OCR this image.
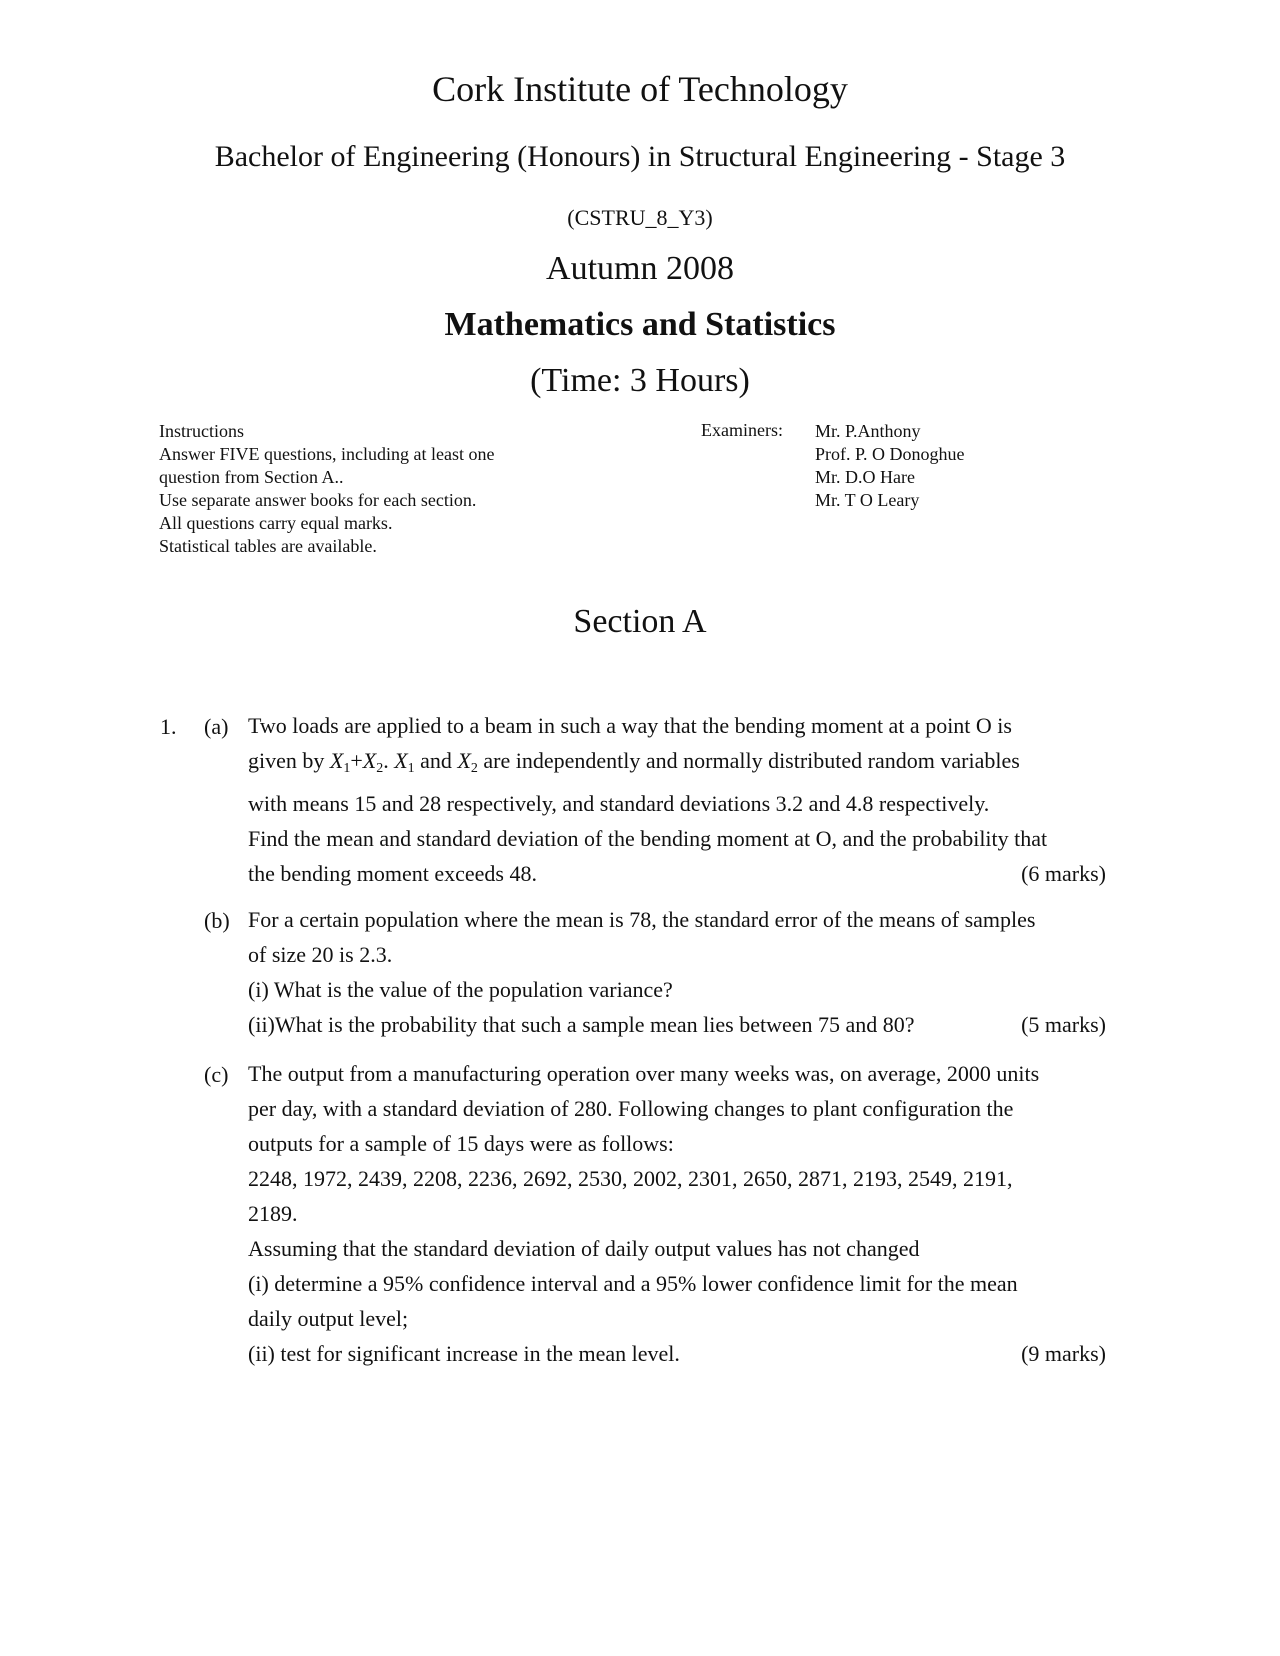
Cork Institute of Technology
Bachelor of Engineering (Honours) in Structural Engineering - Stage 3
(CSTRU_8_Y3)
Autumn 2008
Mathematics and Statistics
(Time: 3 Hours)
Instructions
Answer FIVE questions, including at least one
question from Section A..
Use separate answer books for each section.
All questions carry equal marks.
Statistical tables are available.
Examiners: Mr. P.Anthony
Prof. P. O Donoghue
Mr. D.O Hare
Mr. T O Leary
Section A
1. (a) Two loads are applied to a beam in such a way that the bending moment at a point O is
given by $X_1+X_2$. $X_1$ and $X_2$ are independently and normally distributed random variables
with means 15 and 28 respectively, and standard deviations 3.2 and 4.8 respectively.
Find the mean and standard deviation of the bending moment at O, and the probability that
the bending moment exceeds 48.	(6 marks)
(b) For a certain population where the mean is 78, the standard error of the means of samples
of size 20 is 2.3.
(i) What is the value of the population variance?
(ii)What is the probability that such a sample mean lies between 75 and 80?	(5 marks)
(c) The output from a manufacturing operation over many weeks was, on average, 2000 units
per day, with a standard deviation of 280. Following changes to plant configuration the
outputs for a sample of 15 days were as follows:
2248, 1972, 2439, 2208, 2236, 2692, 2530, 2002, 2301, 2650, 2871, 2193, 2549, 2191,
2189.
Assuming that the standard deviation of daily output values has not changed
(i) determine a 95% confidence interval and a 95% lower confidence limit for the mean
daily output level;
(ii) test for significant increase in the mean level.	(9 marks)
